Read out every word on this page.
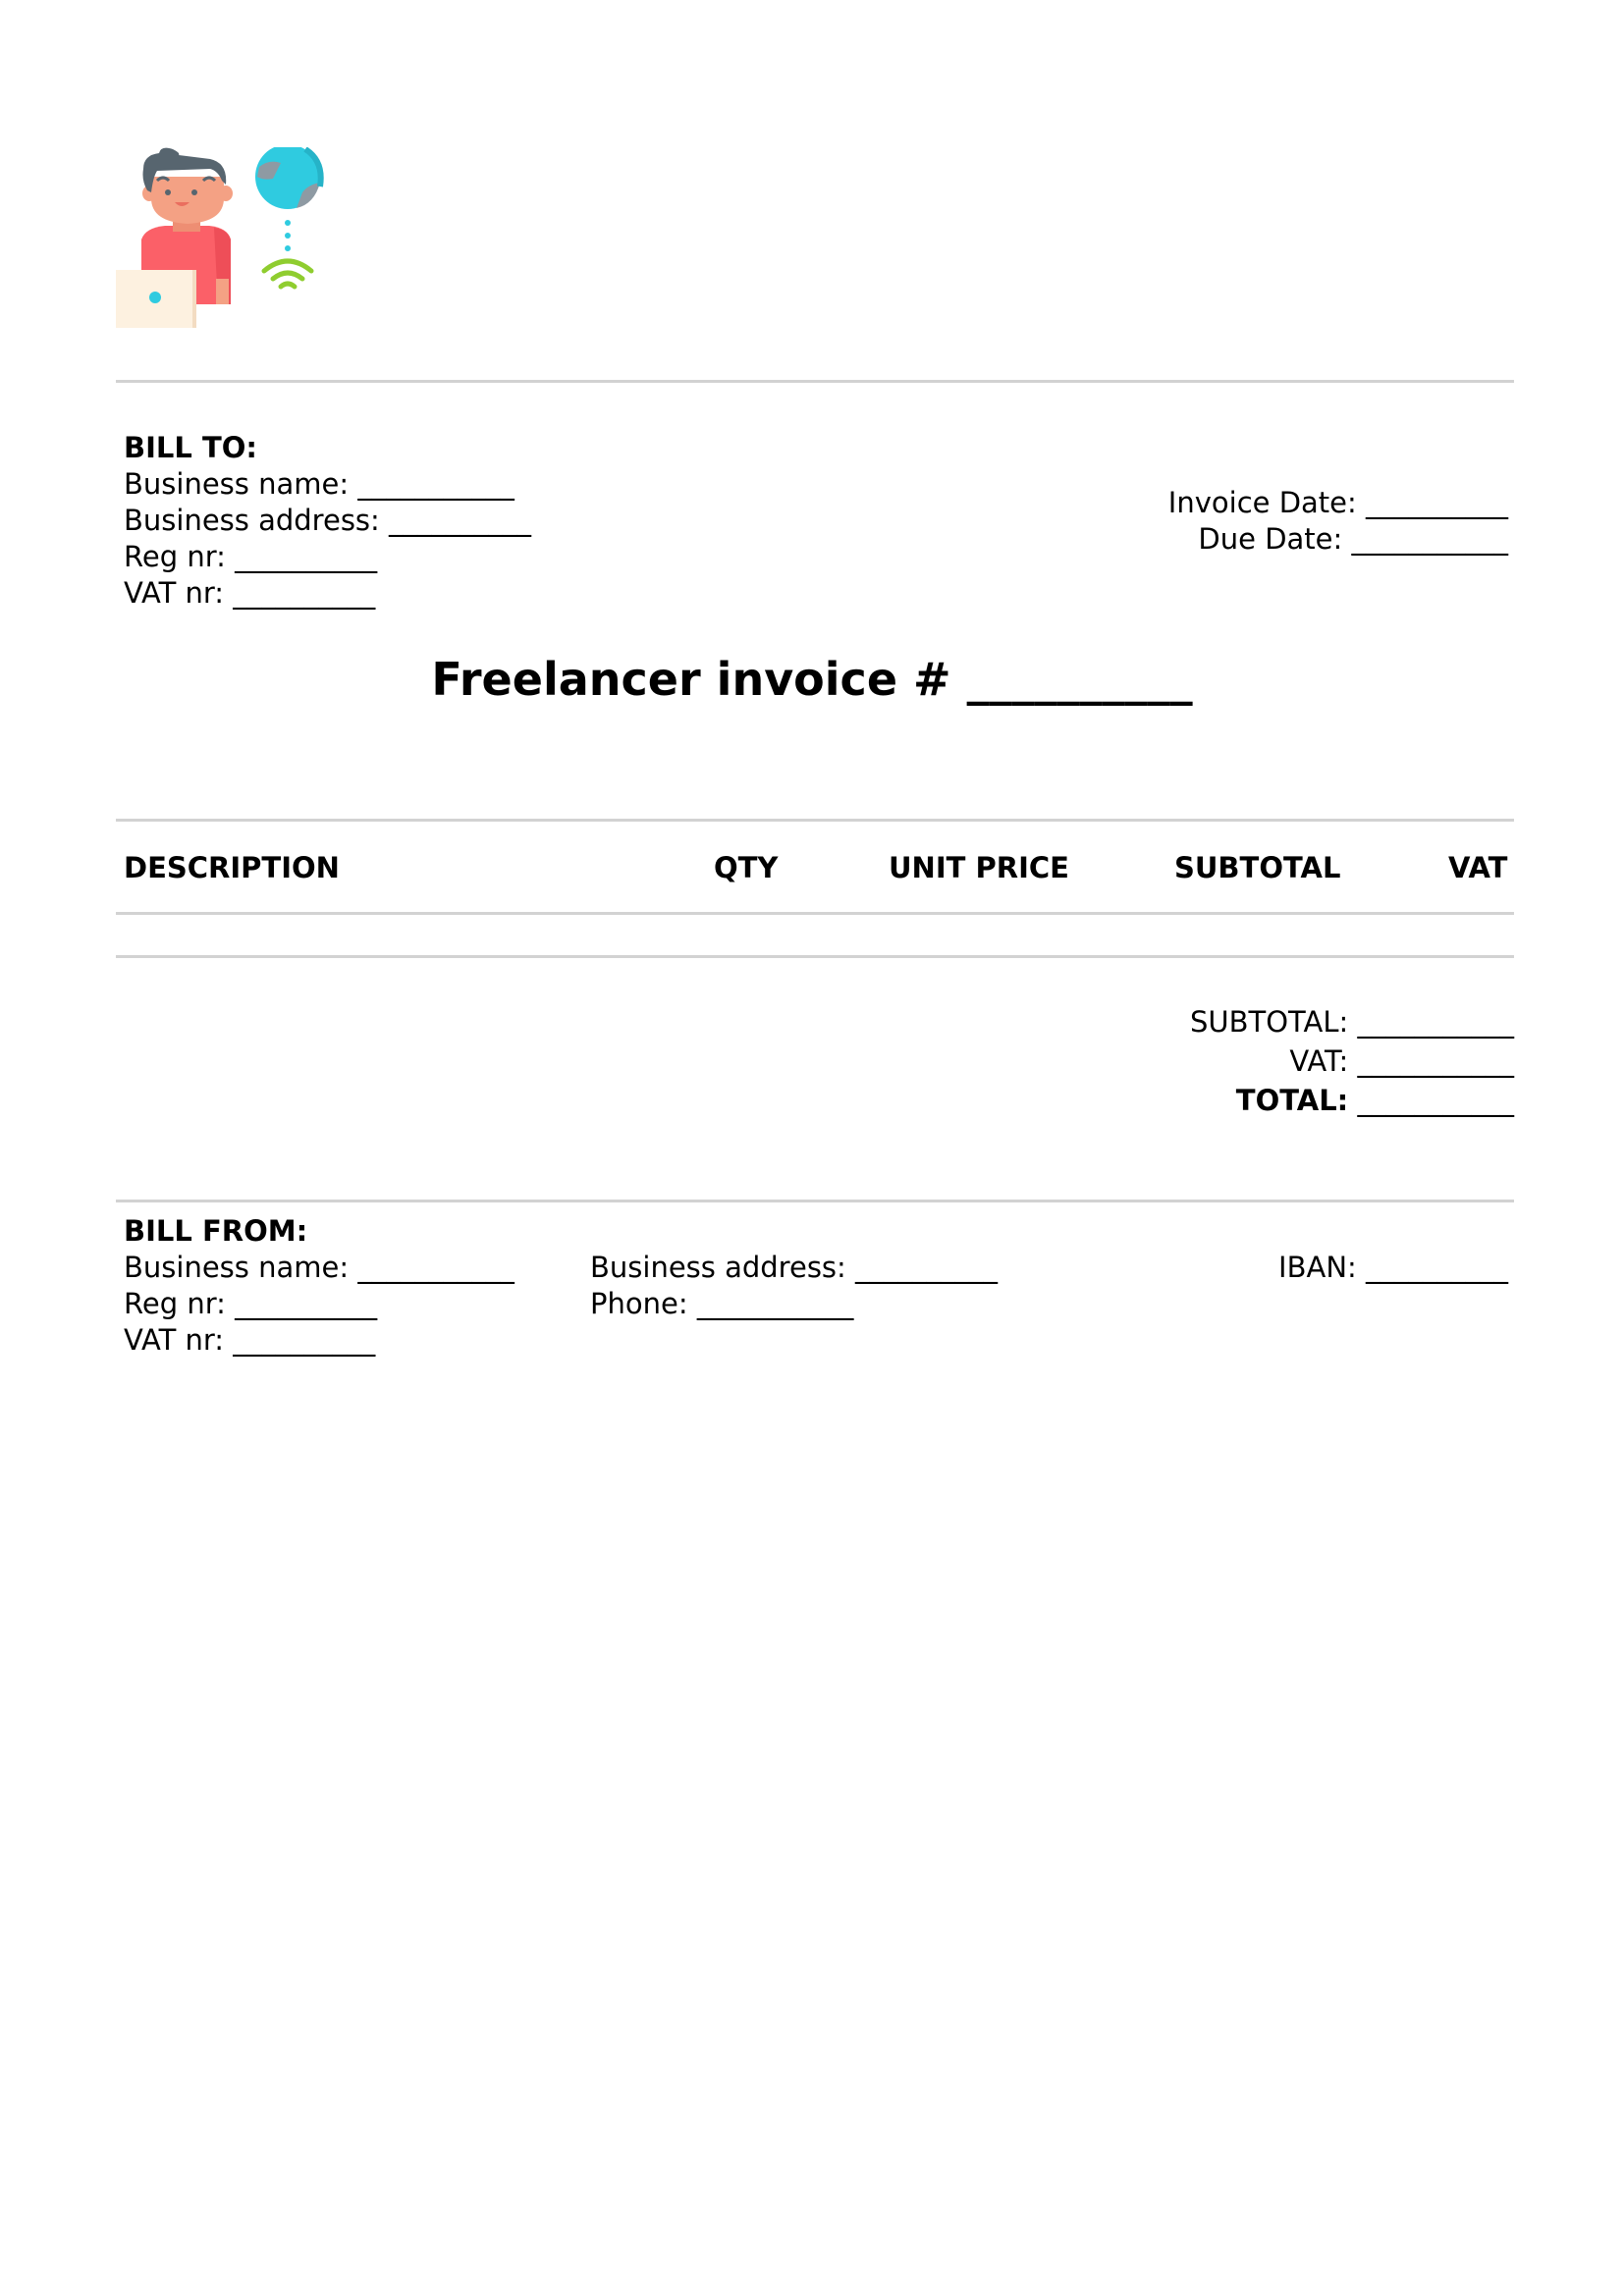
BILL TO:
Business name: ___________
Business address: __________
Reg nr: __________
VAT nr: __________
Invoice Date: __________
Due Date: ___________
Freelancer invoice # __________
DESCRIPTION	QTY	UNIT PRICE	SUBTOTAL	VAT
SUBTOTAL: ___________
VAT: ___________
TOTAL: ___________
BILL FROM:
Business name: ___________
Reg nr: __________
VAT nr: __________
Business address: __________
Phone: ___________
IBAN: __________
